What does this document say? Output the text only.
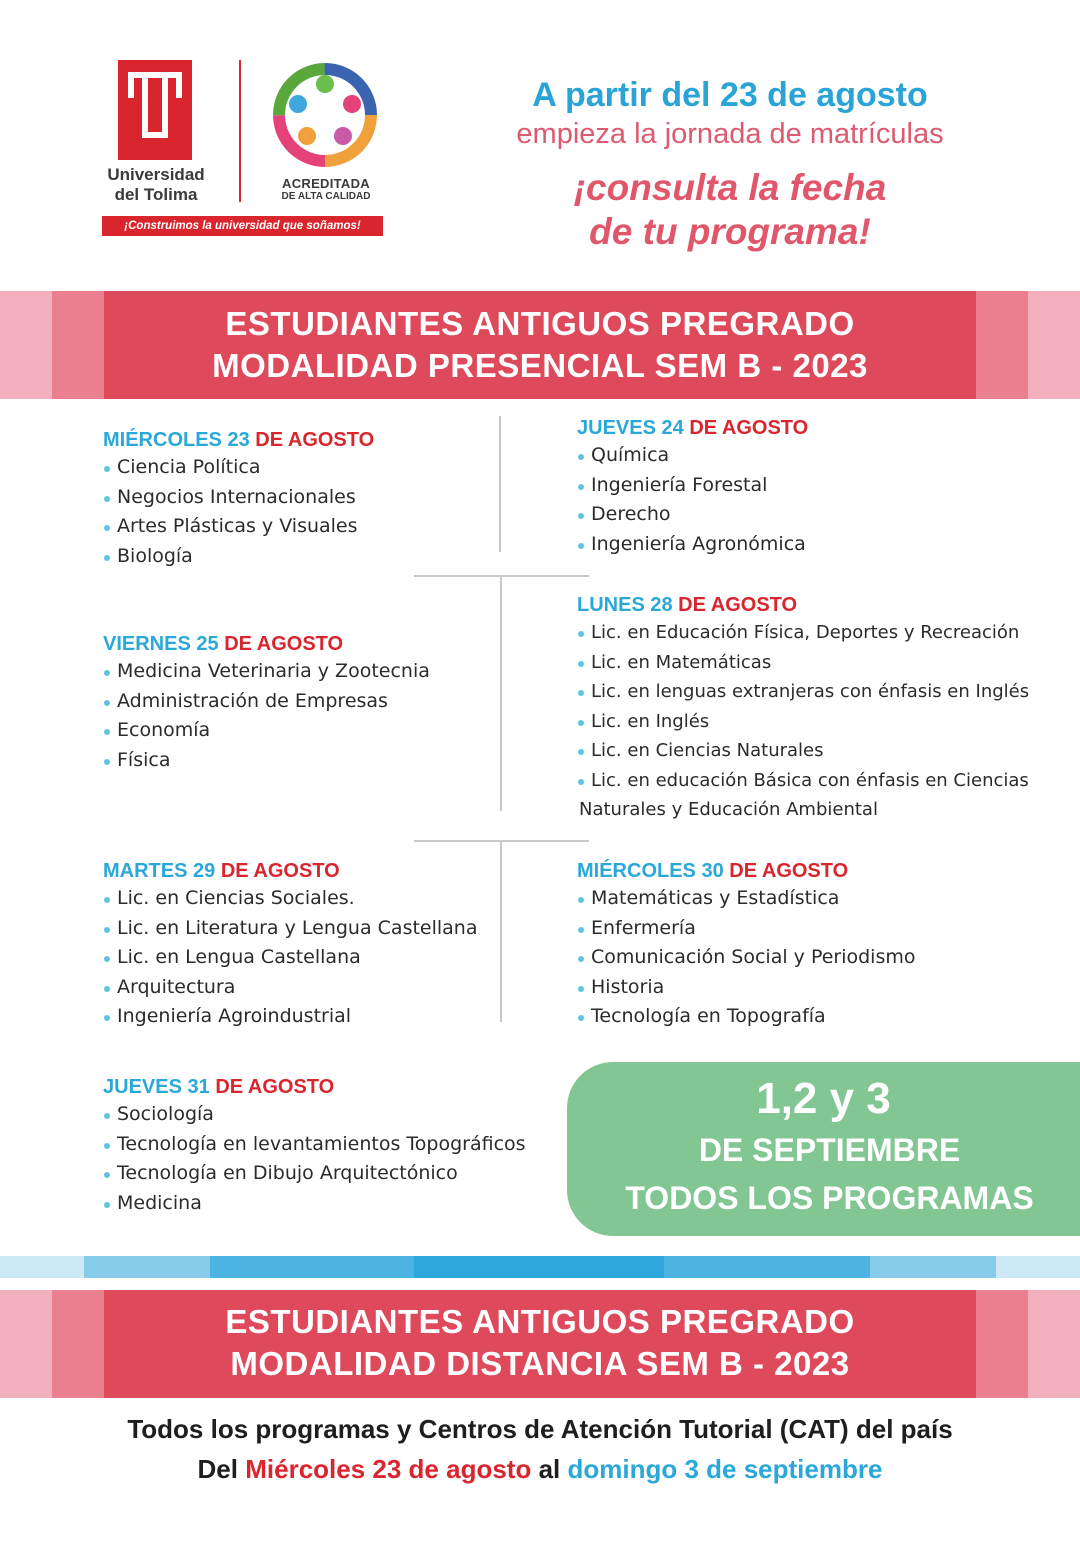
Universidad
del Tolima
ACREDITADA
DE ALTA CALIDAD
¡Construimos la universidad que soñamos!
A partir del 23 de agosto
empieza la jornada de matrículas
¡consulta la fecha
de tu programa!
ESTUDIANTES ANTIGUOS PREGRADO
MODALIDAD PRESENCIAL SEM B - 2023
MIÉRCOLES 23 DE AGOSTO
Ciencia Política
Negocios Internacionales
Artes Plásticas y Visuales
Biología
JUEVES 24 DE AGOSTO
Química
Ingeniería Forestal
Derecho
Ingeniería Agronómica
VIERNES 25 DE AGOSTO
Medicina Veterinaria y Zootecnia
Administración de Empresas
Economía
Física
LUNES 28 DE AGOSTO
Lic. en Educación Física, Deportes y Recreación
Lic. en Matemáticas
Lic. en lenguas extranjeras con énfasis en Inglés
Lic. en Inglés
Lic. en Ciencias Naturales
Lic. en educación Básica con énfasis en Ciencias
Naturales y Educación Ambiental
MARTES 29 DE AGOSTO
Lic. en Ciencias Sociales.
Lic. en Literatura y Lengua Castellana
Lic. en Lengua Castellana
Arquitectura
Ingeniería Agroindustrial
MIÉRCOLES 30 DE AGOSTO
Matemáticas y Estadística
Enfermería
Comunicación Social y Periodismo
Historia
Tecnología en Topografía
JUEVES 31 DE AGOSTO
Sociología
Tecnología en levantamientos Topográficos
Tecnología en Dibujo Arquitectónico
Medicina
1,2 y 3
DE SEPTIEMBRE
TODOS LOS PROGRAMAS
ESTUDIANTES ANTIGUOS PREGRADO
MODALIDAD DISTANCIA SEM B - 2023
Todos los programas y Centros de Atención Tutorial (CAT) del país
Del Miércoles 23 de agosto al domingo 3 de septiembre
